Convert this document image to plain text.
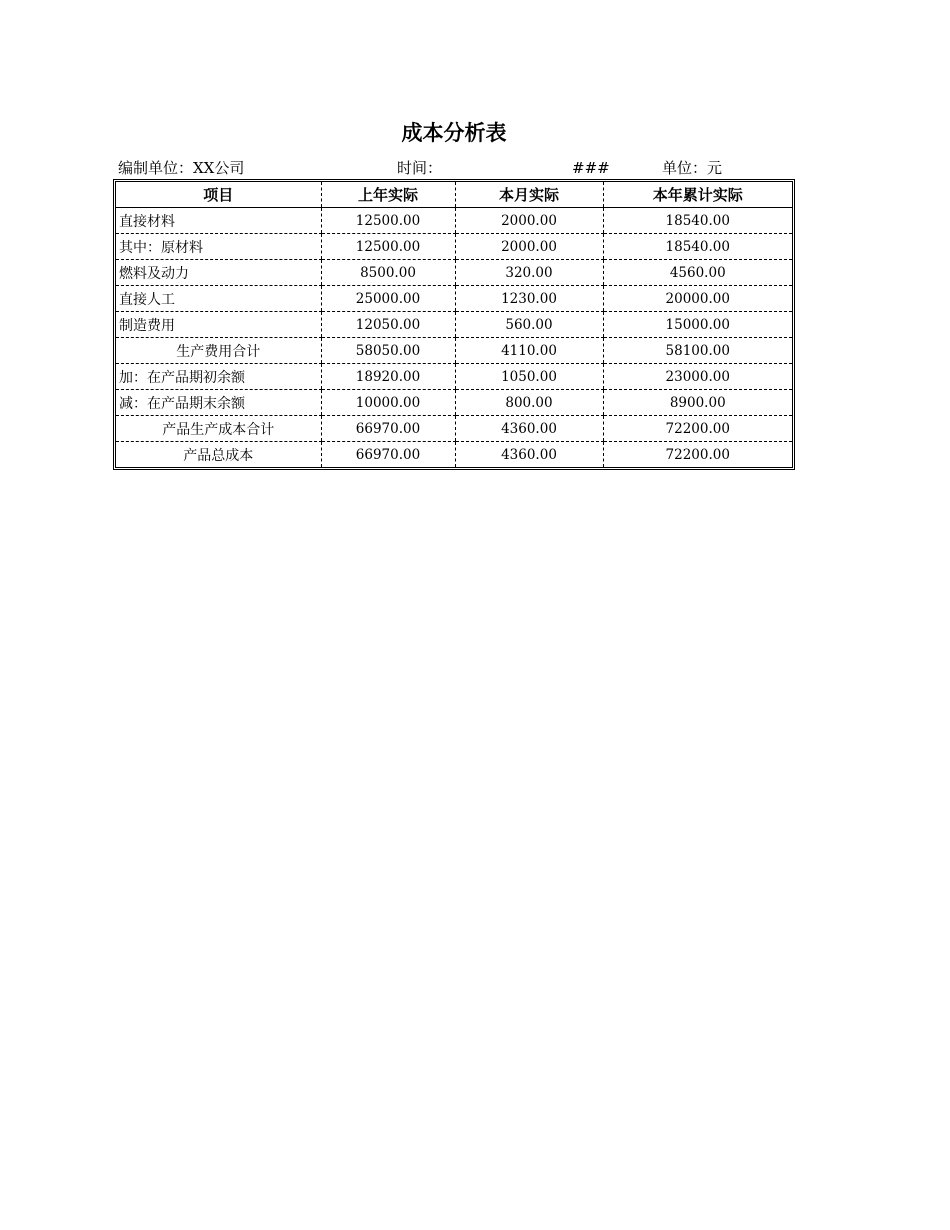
成本分析表
编制单位：XX公司	时间：	###	单位：元
项目	上年实际	本月实际	本年累计实际
直接材料	12500.00	2000.00	18540.00
其中：原材料	12500.00	2000.00	18540.00
燃料及动力	8500.00	320.00	4560.00
直接人工	25000.00	1230.00	20000.00
制造费用	12050.00	560.00	15000.00
生产费用合计	58050.00	4110.00	58100.00
加：在产品期初余额	18920.00	1050.00	23000.00
减：在产品期末余额	10000.00	800.00	8900.00
产品生产成本合计	66970.00	4360.00	72200.00
产品总成本	66970.00	4360.00	72200.00
